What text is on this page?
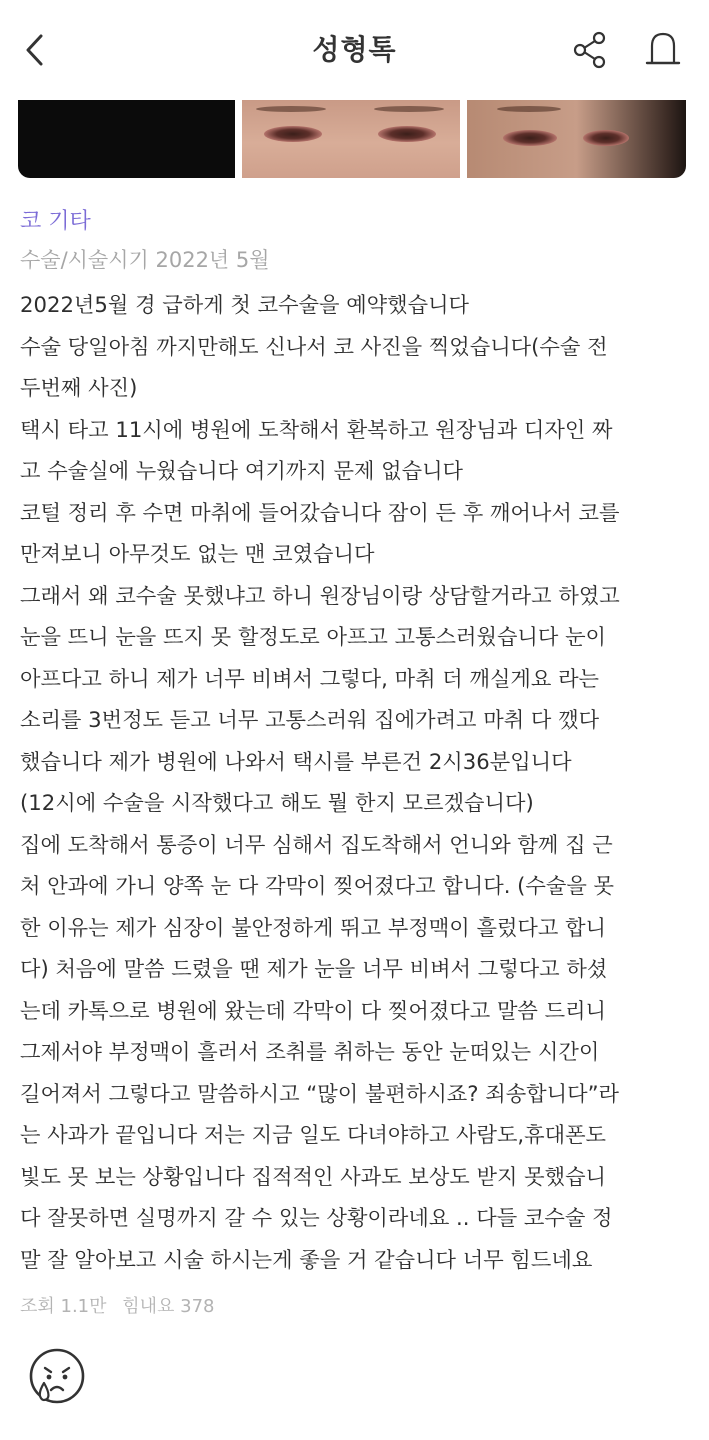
성형톡
코 기타
수술/시술시기 2022년 5월
2022년5월 경 급하게 첫 코수술을 예약했습니다
수술 당일아침 까지만해도 신나서 코 사진을 찍었습니다(수술 전
두번째 사진)
택시 타고 11시에 병원에 도착해서 환복하고 원장님과 디자인 짜
고 수술실에 누웠습니다 여기까지 문제 없습니다
코털 정리 후 수면 마취에 들어갔습니다 잠이 든 후 깨어나서 코를
만져보니 아무것도 없는 맨 코였습니다
그래서 왜 코수술 못했냐고 하니 원장님이랑 상담할거라고 하였고
눈을 뜨니 눈을 뜨지 못 할정도로 아프고 고통스러웠습니다 눈이
아프다고 하니 제가 너무 비벼서 그렇다, 마취 더 깨실게요 라는
소리를 3번정도 듣고 너무 고통스러워 집에가려고 마취 다 깼다
했습니다 제가 병원에 나와서 택시를 부른건 2시36분입니다
(12시에 수술을 시작했다고 해도 뭘 한지 모르겠습니다)
집에 도착해서 통증이 너무 심해서 집도착해서 언니와 함께 집 근
처 안과에 가니 양쪽 눈 다 각막이 찢어졌다고 합니다. (수술을 못
한 이유는 제가 심장이 불안정하게 뛰고 부정맥이 흘렀다고 합니
다) 처음에 말씀 드렸을 땐 제가 눈을 너무 비벼서 그렇다고 하셨
는데 카톡으로 병원에 왔는데 각막이 다 찢어졌다고 말씀 드리니
그제서야 부정맥이 흘러서 조취를 취하는 동안 눈떠있는 시간이
길어져서 그렇다고 말씀하시고 “많이 불편하시죠? 죄송합니다”라
는 사과가 끝입니다 저는 지금 일도 다녀야하고 사람도,휴대폰도
빛도 못 보는 상황입니다 집적적인 사과도 보상도 받지 못했습니
다 잘못하면 실명까지 갈 수 있는 상황이라네요 .. 다들 코수술 정
말 잘 알아보고 시술 하시는게 좋을 거 같습니다 너무 힘드네요
조회 1.1만 힘내요 378
